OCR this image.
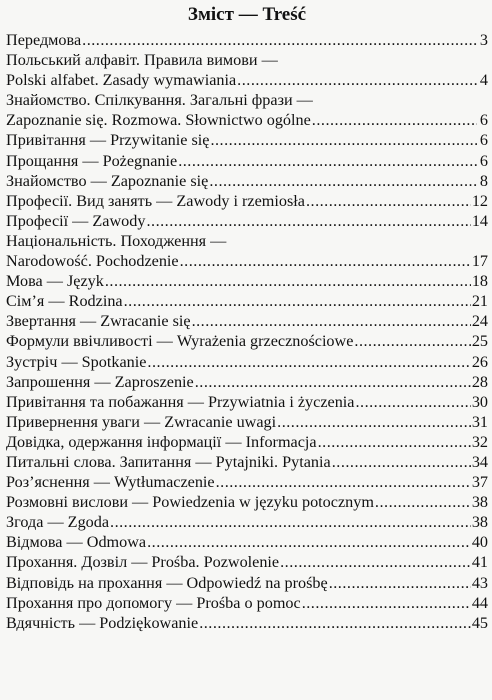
Зміст — Treść
Передмова .....	3
Польський алфавіт. Правила вимови —
Polski alfabet. Zasady wymawiania .....	4
Знайомство. Спілкування. Загальні фрази —
Zapoznanie się. Rozmowa. Słownictwo ogólne .....	6
Привітання — Przywitanie się .....	6
Прощання — Pożegnanie .....	6
Знайомство — Zapoznanie się .....	8
Професії. Вид занять — Zawody i rzemiosła .....	12
Професії — Zawody .....	14
Національність. Походження —
Narodowość. Pochodzenie .....	17
Мова — Język .....	18
Сім’я — Rodzina .....	21
Звертання — Zwracanie się .....	24
Формули ввічливості — Wyrażenia grzecznościowe .....	25
Зустріч — Spotkanie .....	26
Запрошення — Zaproszenie .....	28
Привітання та побажання — Przywiatnia i życzenia .....	30
Привернення уваги — Zwracanie uwagi .....	31
Довідка, одержання інформації — Informacja .....	32
Питальні слова. Запитання — Pytajniki. Pytania .....	34
Роз’яснення — Wytłumaczenie .....	37
Розмовні вислови — Powiedzenia w języku potocznym .....	38
Згода — Zgoda .....	38
Відмова — Odmowa .....	40
Прохання. Дозвіл — Prośba. Pozwolenie .....	41
Відповідь на прохання — Odpowiedź na prośbę .....	43
Прохання про допомогу — Prośba o pomoc .....	44
Вдячність — Podziękowanie .....	45
